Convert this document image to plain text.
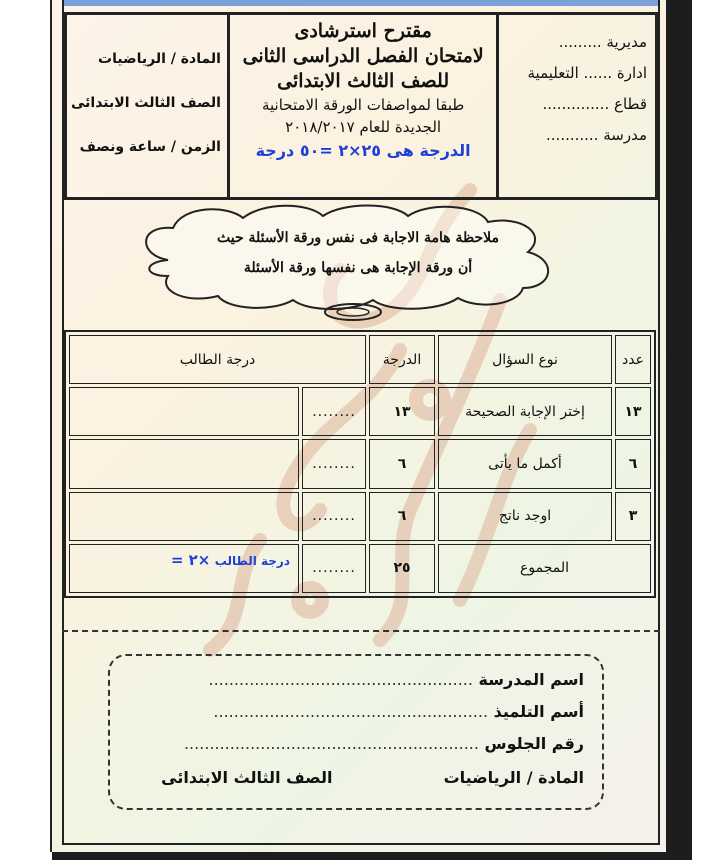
مديرية .........
ادارة ...... التعليمية
قطاع ..............
مدرسة ...........
مقترح استرشادى
لامتحان الفصل الدراسى الثانى
للصف الثالث الابتدائى
طبقا لمواصفات الورقة الامتحانية
الجديدة للعام ٢٠١٨/٢٠١٧
الدرجة هى ٢٥×٢ =٥٠ درجة
المادة / الرياضيات
الصف الثالث الابتدائى
الزمن / ساعة ونصف
ملاحظة هامة الاجابة فى نفس ورقة الأسئلة حيث
أن ورقة الإجابة هى نفسها ورقة الأسئلة
عدد	نوع السؤال	الدرجة	درجة الطالب	
١٣	إختر الإجابة الصحيحة	١٣	........	
٦	أكمل ما يأتى	٦	........	
٣	اوجد ناتج	٦	........	
المجموع		٢٥	........	درجة الطالب ×٢ =
اسم المدرسة ....................................................
أسم التلميذ ......................................................
رقم الجلوس ..........................................................
المادة / الرياضيات  الصف الثالث الابتدائى
